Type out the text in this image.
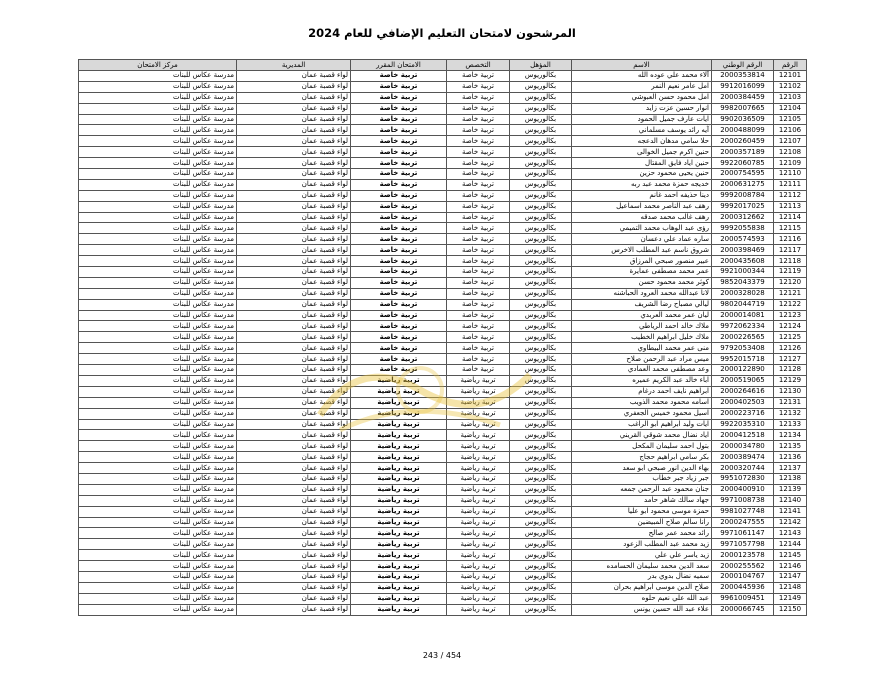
المرشحون لامتحان التعليم الإضافي للعام 2024
الرقم	الرقم الوطني	الاسم	المؤهل	التخصص	الامتحان المقرر	المديرية	مركز الامتحان
12101	2000353814	آلاء محمد علي عوده الله	بكالوريوس	تربية خاصة	تربية خاصة	لواء قصبة عمان	مدرسة عكاس للبنات
12102	9912016099	امل عامر نعيم النمر	بكالوريوس	تربية خاصة	تربية خاصة	لواء قصبة عمان	مدرسة عكاس للبنات
12103	2000384459	امل محمود حسن العبوشي	بكالوريوس	تربية خاصة	تربية خاصة	لواء قصبة عمان	مدرسة عكاس للبنات
12104	9982007665	انوار حسين عزت زايد	بكالوريوس	تربية خاصة	تربية خاصة	لواء قصبة عمان	مدرسة عكاس للبنات
12105	9902036509	ايات عارف جميل الحمود	بكالوريوس	تربية خاصة	تربية خاصة	لواء قصبة عمان	مدرسة عكاس للبنات
12106	2000488099	آيه رائد يوسف مسلماني	بكالوريوس	تربية خاصة	تربية خاصة	لواء قصبة عمان	مدرسة عكاس للبنات
12107	2000260459	حلا سامي مدهان الدعجه	بكالوريوس	تربية خاصة	تربية خاصة	لواء قصبة عمان	مدرسة عكاس للبنات
12108	2000357189	حنين اكرم جميل الخوالى	بكالوريوس	تربية خاصة	تربية خاصة	لواء قصبة عمان	مدرسة عكاس للبنات
12109	9922060785	حنين اياد فايق المقتال	بكالوريوس	تربية خاصة	تربية خاصة	لواء قصبة عمان	مدرسة عكاس للبنات
12110	2000754595	حنين يحيى محمود حزين	بكالوريوس	تربية خاصة	تربية خاصة	لواء قصبة عمان	مدرسة عكاس للبنات
12111	2000631275	خديجه حمزة محمد عبد ربه	بكالوريوس	تربية خاصة	تربية خاصة	لواء قصبة عمان	مدرسة عكاس للبنات
12112	9992008784	دينا حذيفه احمد غانم	بكالوريوس	تربية خاصة	تربية خاصة	لواء قصبة عمان	مدرسة عكاس للبنات
12113	9992017025	رهف عبد الناصر محمد اسماعيل	بكالوريوس	تربية خاصة	تربية خاصة	لواء قصبة عمان	مدرسة عكاس للبنات
12114	2000312662	رهف غالب محمد صدقه	بكالوريوس	تربية خاصة	تربية خاصة	لواء قصبة عمان	مدرسة عكاس للبنات
12115	9992055838	رؤى عبد الوهاب محمد التميمي	بكالوريوس	تربية خاصة	تربية خاصة	لواء قصبة عمان	مدرسة عكاس للبنات
12116	2000574593	ساره عماد علي دعسان	بكالوريوس	تربية خاصة	تربية خاصة	لواء قصبة عمان	مدرسة عكاس للبنات
12117	2000398469	شروق ناسم عبد المطلب الاخرس	بكالوريوس	تربية خاصة	تربية خاصة	لواء قصبة عمان	مدرسة عكاس للبنات
12118	2000435608	عبير منصور صبحي المرزاق	بكالوريوس	تربية خاصة	تربية خاصة	لواء قصبة عمان	مدرسة عكاس للبنات
12119	9921000344	عمر محمد مصطفى عمايرة	بكالوريوس	تربية خاصة	تربية خاصة	لواء قصبة عمان	مدرسة عكاس للبنات
12120	9852043379	كوثر محمد محمود حسن	بكالوريوس	تربية خاصة	تربية خاصة	لواء قصبة عمان	مدرسة عكاس للبنات
12121	2000328028	لانا عبدالله محمد العرود الحباشنه	بكالوريوس	تربية خاصة	تربية خاصة	لواء قصبة عمان	مدرسة عكاس للبنات
12122	9802044719	ليالي مصباح رضا الشريف	بكالوريوس	تربية خاصة	تربية خاصة	لواء قصبة عمان	مدرسة عكاس للبنات
12123	2000014081	ليان عمر محمد العربدي	بكالوريوس	تربية خاصة	تربية خاصة	لواء قصبة عمان	مدرسة عكاس للبنات
12124	9972062334	ملاك خالد احمد الرياطي	بكالوريوس	تربية خاصة	تربية خاصة	لواء قصبة عمان	مدرسة عكاس للبنات
12125	2000226565	ملاك خليل ابراهيم الخطيب	بكالوريوس	تربية خاصة	تربية خاصة	لواء قصبة عمان	مدرسة عكاس للبنات
12126	9792053408	منى عمر محمد البيطاوي	بكالوريوس	تربية خاصة	تربية خاصة	لواء قصبة عمان	مدرسة عكاس للبنات
12127	9952015718	ميس مراد عبد الرحمن صلاح	بكالوريوس	تربية خاصة	تربية خاصة	لواء قصبة عمان	مدرسة عكاس للبنات
12128	2000122890	وعد مصطفى محمد العمادي	بكالوريوس	تربية خاصة	تربية خاصة	لواء قصبة عمان	مدرسة عكاس للبنات
12129	2000519065	اباء خالد عبد الكريم عميره	بكالوريوس	تربية رياضية	تربية رياضية	لواء قصبة عمان	مدرسة عكاس للبنات
12130	2000264616	ابراهيم نايف احمد درغام	بكالوريوس	تربية رياضية	تربية رياضية	لواء قصبة عمان	مدرسة عكاس للبنات
12131	2000402503	اسامه محمود محمد الذويب	بكالوريوس	تربية رياضية	تربية رياضية	لواء قصبة عمان	مدرسة عكاس للبنات
12132	2000223716	اسيل محمود خميس الجعفري	بكالوريوس	تربية رياضية	تربية رياضية	لواء قصبة عمان	مدرسة عكاس للبنات
12133	9922035310	ايات وليد ابراهيم ابو الراغب	بكالوريوس	تربية رياضية	تربية رياضية	لواء قصبة عمان	مدرسة عكاس للبنات
12134	2000412518	اياد نضال محمد شوقي القريني	بكالوريوس	تربية رياضية	تربية رياضية	لواء قصبة عمان	مدرسة عكاس للبنات
12135	2000034780	بتول احمد سليمان المكحل	بكالوريوس	تربية رياضية	تربية رياضية	لواء قصبة عمان	مدرسة عكاس للبنات
12136	2000389474	بكر سامي ابراهيم حجاج	بكالوريوس	تربية رياضية	تربية رياضية	لواء قصبة عمان	مدرسة عكاس للبنات
12137	2000320744	بهاء الدين انور صبحي ابو سعد	بكالوريوس	تربية رياضية	تربية رياضية	لواء قصبة عمان	مدرسة عكاس للبنات
12138	9951072830	جبر زياد جبر خطاب	بكالوريوس	تربية رياضية	تربية رياضية	لواء قصبة عمان	مدرسة عكاس للبنات
12139	2000400910	جنان محمود عبد الرحمن جمعه	بكالوريوس	تربية رياضية	تربية رياضية	لواء قصبة عمان	مدرسة عكاس للبنات
12140	9971008738	جهاد سالك شاهر حامد	بكالوريوس	تربية رياضية	تربية رياضية	لواء قصبة عمان	مدرسة عكاس للبنات
12141	9981027748	حمزة موسى محمود ابو عليا	بكالوريوس	تربية رياضية	تربية رياضية	لواء قصبة عمان	مدرسة عكاس للبنات
12142	2000247555	رانا سالم صلاح المبيضين	بكالوريوس	تربية رياضية	تربية رياضية	لواء قصبة عمان	مدرسة عكاس للبنات
12143	9971061147	رائد محمد عمر صالح	بكالوريوس	تربية رياضية	تربية رياضية	لواء قصبة عمان	مدرسة عكاس للبنات
12144	9971057798	زيد محمد عبد المطلب الزعود	بكالوريوس	تربية رياضية	تربية رياضية	لواء قصبة عمان	مدرسة عكاس للبنات
12145	2000123578	زيد ياسر علي علي	بكالوريوس	تربية رياضية	تربية رياضية	لواء قصبة عمان	مدرسة عكاس للبنات
12146	2000255562	سعد الدين محمد سليمان الحسامده	بكالوريوس	تربية رياضية	تربية رياضية	لواء قصبة عمان	مدرسة عكاس للبنات
12147	2000104767	سميه نضال بدوي بدر	بكالوريوس	تربية رياضية	تربية رياضية	لواء قصبة عمان	مدرسة عكاس للبنات
12148	2000445936	صلاح الدين موسى ابراهيم بحران	بكالوريوس	تربية رياضية	تربية رياضية	لواء قصبة عمان	مدرسة عكاس للبنات
12149	9961009451	عبد الله علي نعيم حلوه	بكالوريوس	تربية رياضية	تربية رياضية	لواء قصبة عمان	مدرسة عكاس للبنات
12150	2000066745	علاء عبد الله حسين يونس	بكالوريوس	تربية رياضية	تربية رياضية	لواء قصبة عمان	مدرسة عكاس للبنات
243 / 454
